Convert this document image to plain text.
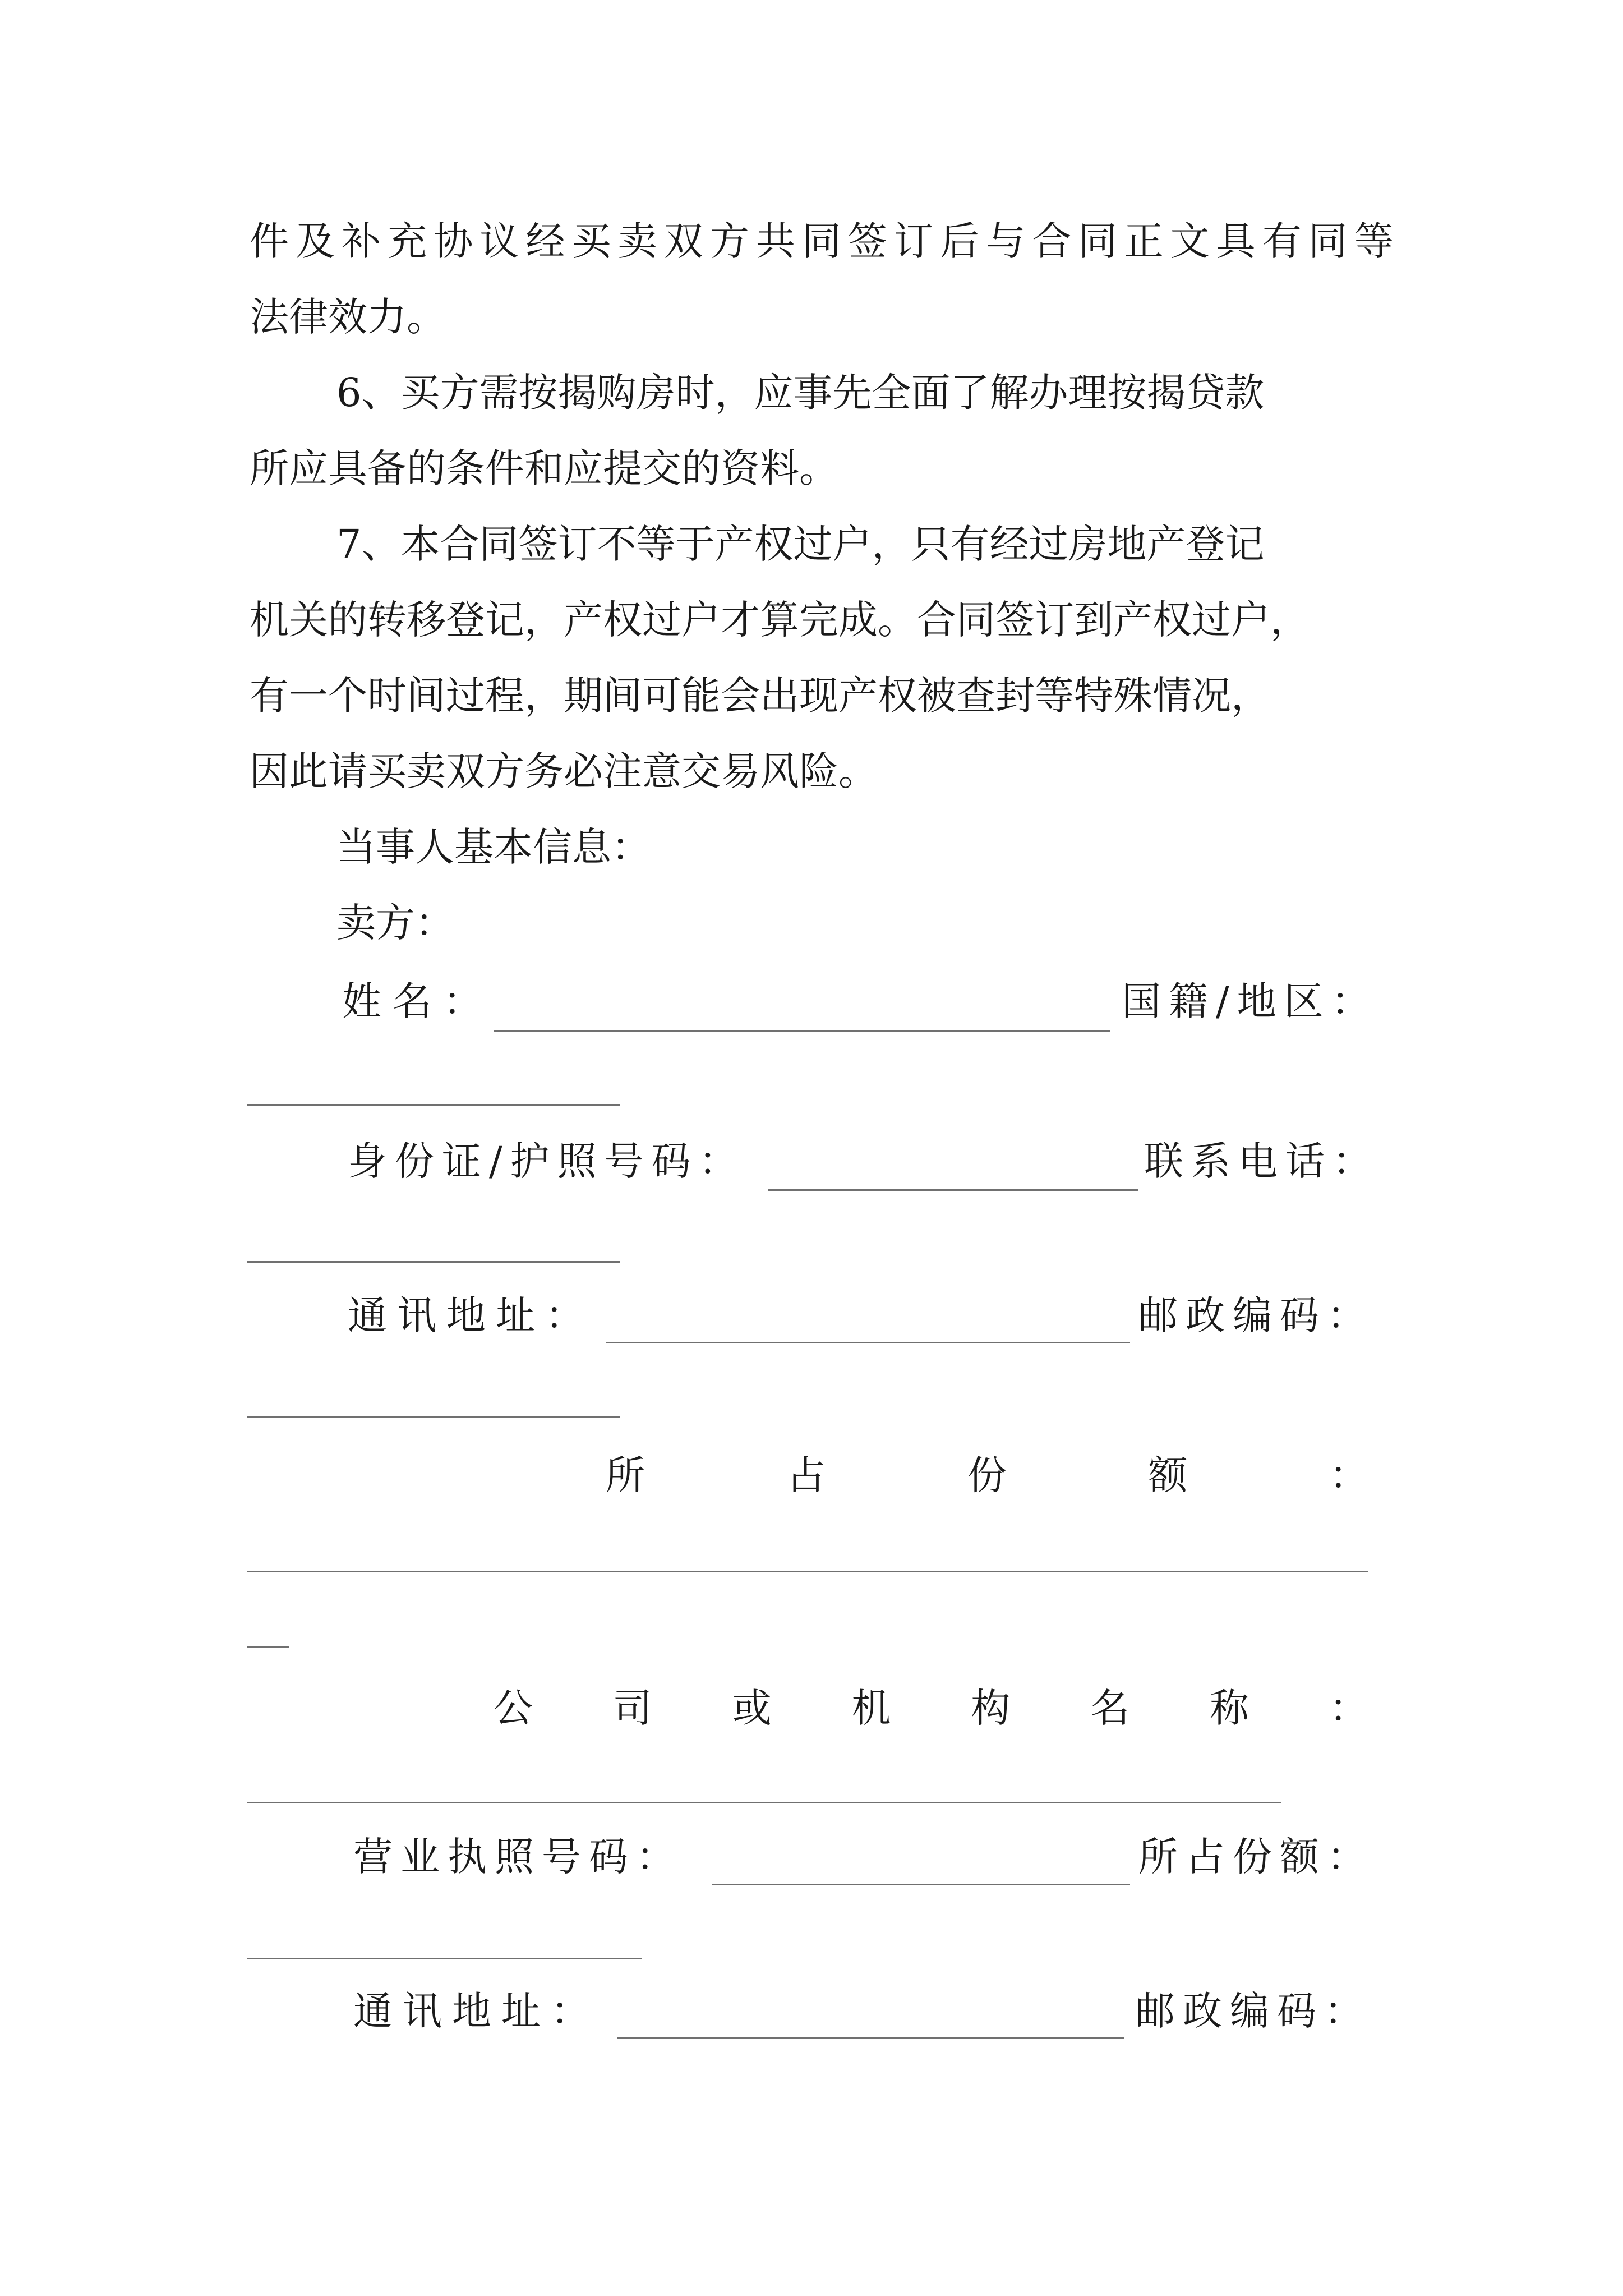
件 及 补 充 协 议 经 买 卖 双 方 共 同 签 订 后 与 合 同 正 文 具 有 同 等
法律效力。
6、买方需按揭购房时，应事先全面了解办理按揭贷款
所应具备的条件和应提交的资料。
7、本合同签订不等于产权过户，只有经过房地产登记
机关的转移登记，产权过户才算完成。合同签订到产权过户，
有一个时间过程，期间可能会出现产权被查封等特殊情况，
因此请买卖双方务必注意交易风险。
当事人基本信息：
卖方：
姓名：	国籍/地区：
身份证/护照号码：	联系电话：
通讯地址：	邮政编码：
所	占	份	额	：
公 司 或 机 构 名 称 ：
营业执照号码：	所占份额：
通讯地址：	邮政编码：
